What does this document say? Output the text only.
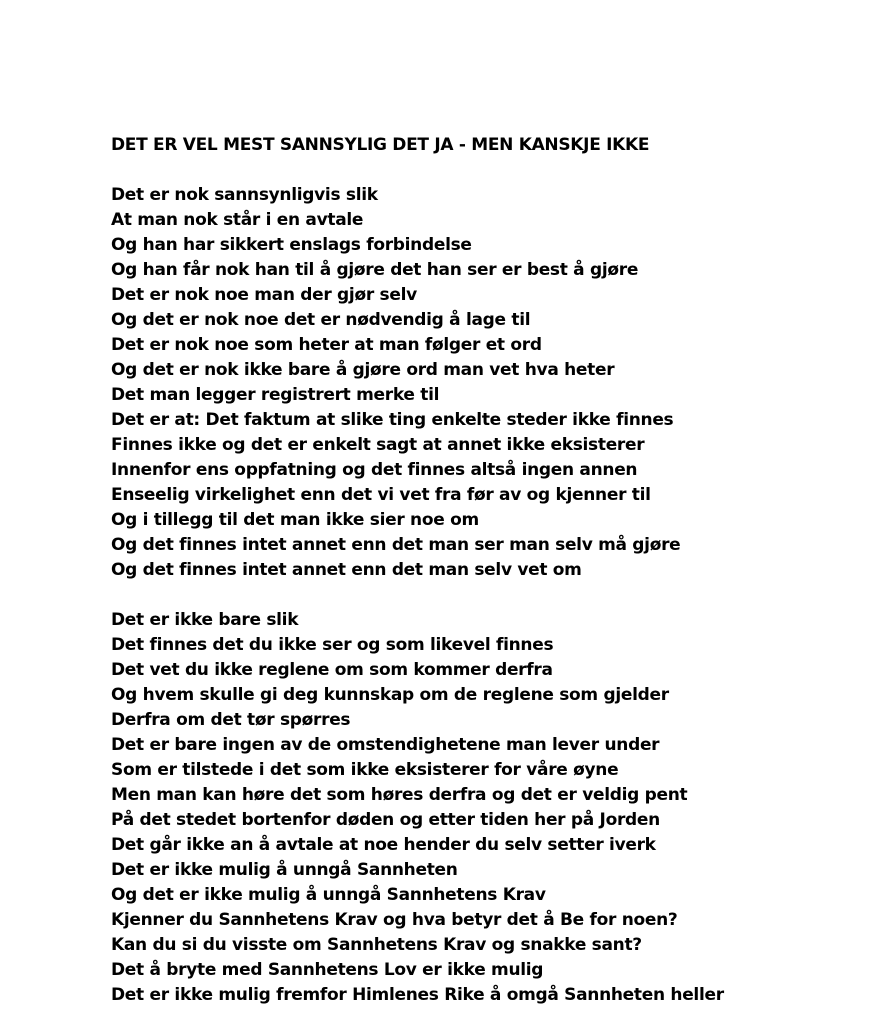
DET ER VEL MEST SANNSYLIG DET JA - MEN KANSKJE IKKE
Det er nok sannsynligvis slik
At man nok står i en avtale
Og han har sikkert enslags forbindelse
Og han får nok han til å gjøre det han ser er best å gjøre
Det er nok noe man der gjør selv
Og det er nok noe det er nødvendig å lage til
Det er nok noe som heter at man følger et ord
Og det er nok ikke bare å gjøre ord man vet hva heter
Det man legger registrert merke til
Det er at: Det faktum at slike ting enkelte steder ikke finnes
Finnes ikke og det er enkelt sagt at annet ikke eksisterer
Innenfor ens oppfatning og det finnes altså ingen annen
Enseelig virkelighet enn det vi vet fra før av og kjenner til
Og i tillegg til det man ikke sier noe om
Og det finnes intet annet enn det man ser man selv må gjøre
Og det finnes intet annet enn det man selv vet om
Det er ikke bare slik
Det finnes det du ikke ser og som likevel finnes
Det vet du ikke reglene om som kommer derfra
Og hvem skulle gi deg kunnskap om de reglene som gjelder
Derfra om det tør spørres
Det er bare ingen av de omstendighetene man lever under
Som er tilstede i det som ikke eksisterer for våre øyne
Men man kan høre det som høres derfra og det er veldig pent
På det stedet bortenfor døden og etter tiden her på Jorden
Det går ikke an å avtale at noe hender du selv setter iverk
Det er ikke mulig å unngå Sannheten
Og det er ikke mulig å unngå Sannhetens Krav
Kjenner du Sannhetens Krav og hva betyr det å Be for noen?
Kan du si du visste om Sannhetens Krav og snakke sant?
Det å bryte med Sannhetens Lov er ikke mulig
Det er ikke mulig fremfor Himlenes Rike å omgå Sannheten heller
